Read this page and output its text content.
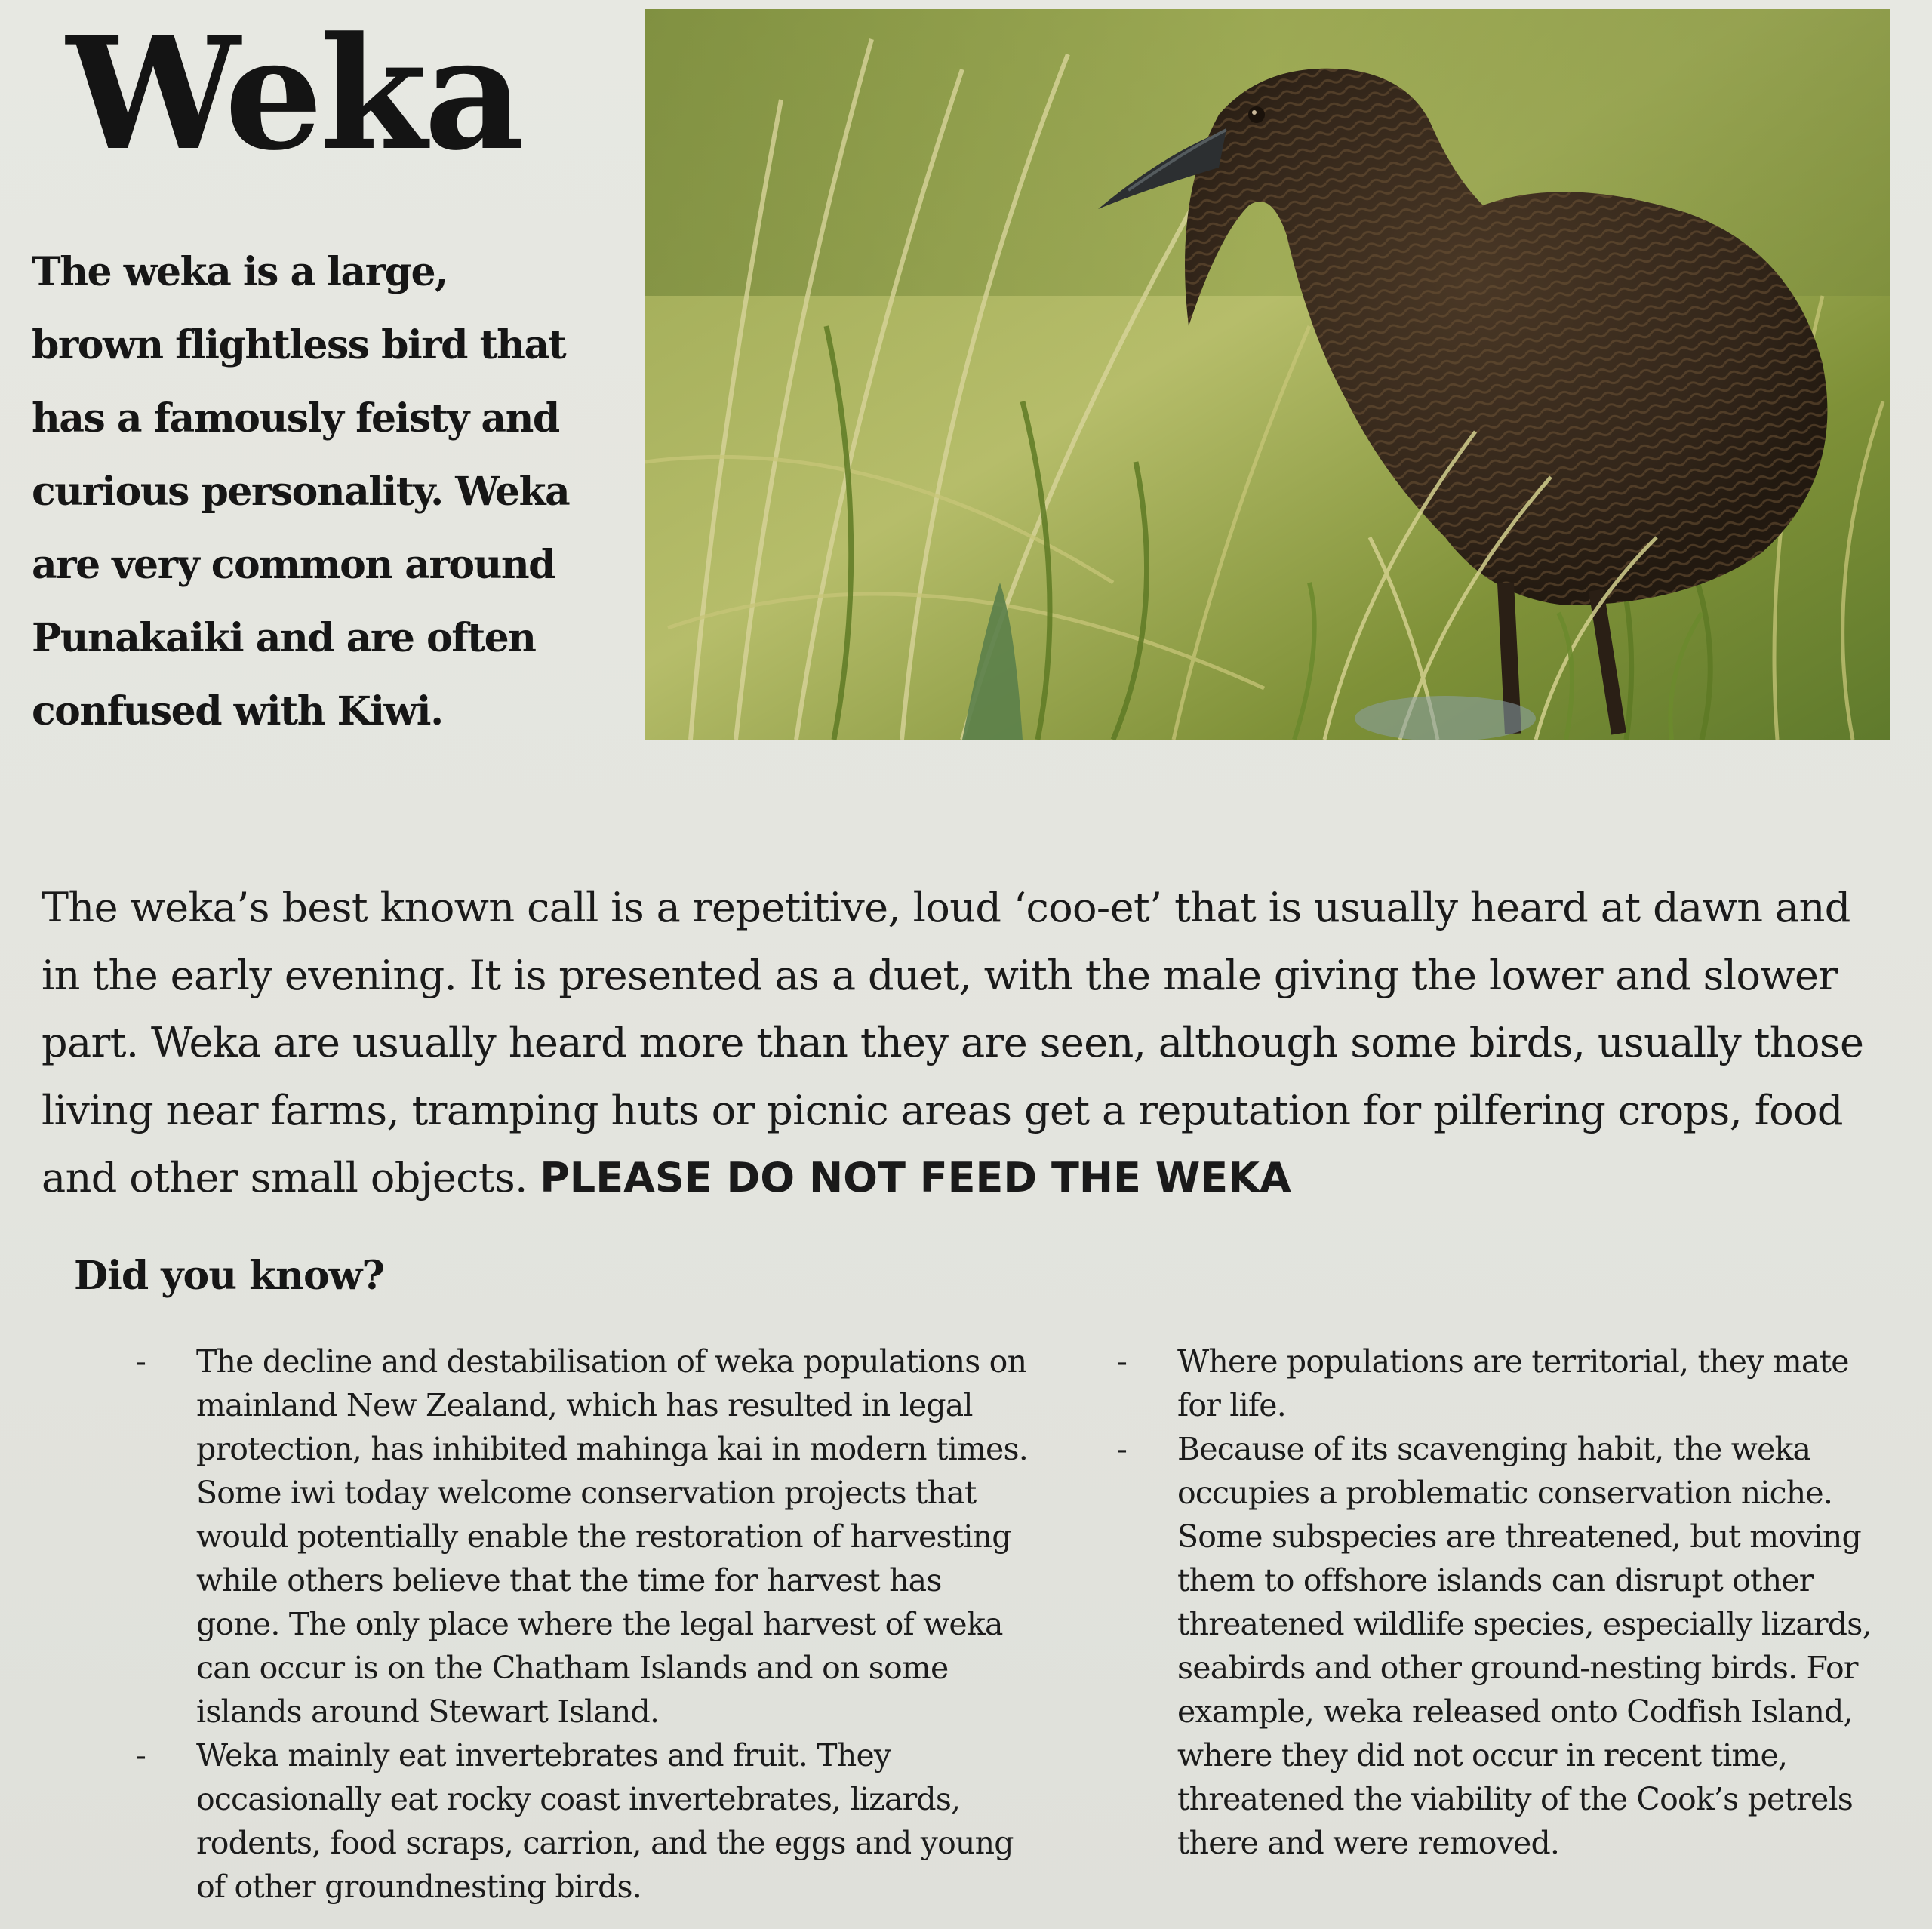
Weka

The weka is a large, brown flightless bird that has a famously feisty and curious personality. Weka are very common around Punakaiki and are often confused with Kiwi.

The weka’s best known call is a repetitive, loud ‘coo-et’ that is usually heard at dawn and in the early evening. It is presented as a duet, with the male giving the lower and slower part. Weka are usually heard more than they are seen, although some birds, usually those living near farms, tramping huts or picnic areas get a reputation for pilfering crops, food and other small objects. PLEASE DO NOT FEED THE WEKA

Did you know?
- The decline and destabilisation of weka populations on mainland New Zealand, which has resulted in legal protection, has inhibited mahinga kai in modern times. Some iwi today welcome conservation projects that would potentially enable the restoration of harvesting while others believe that the time for harvest has gone. The only place where the legal harvest of weka can occur is on the Chatham Islands and on some islands around Stewart Island.
- Weka mainly eat invertebrates and fruit. They occasionally eat rocky coast invertebrates, lizards, rodents, food scraps, carrion, and the eggs and young of other groundnesting birds.
- Where populations are territorial, they mate for life.
- Because of its scavenging habit, the weka occupies a problematic conservation niche. Some subspecies are threatened, but moving them to offshore islands can disrupt other threatened wildlife species, especially lizards, seabirds and other ground-nesting birds. For example, weka released onto Codfish Island, where they did not occur in recent time, threatened the viability of the Cook’s petrels there and were removed.
